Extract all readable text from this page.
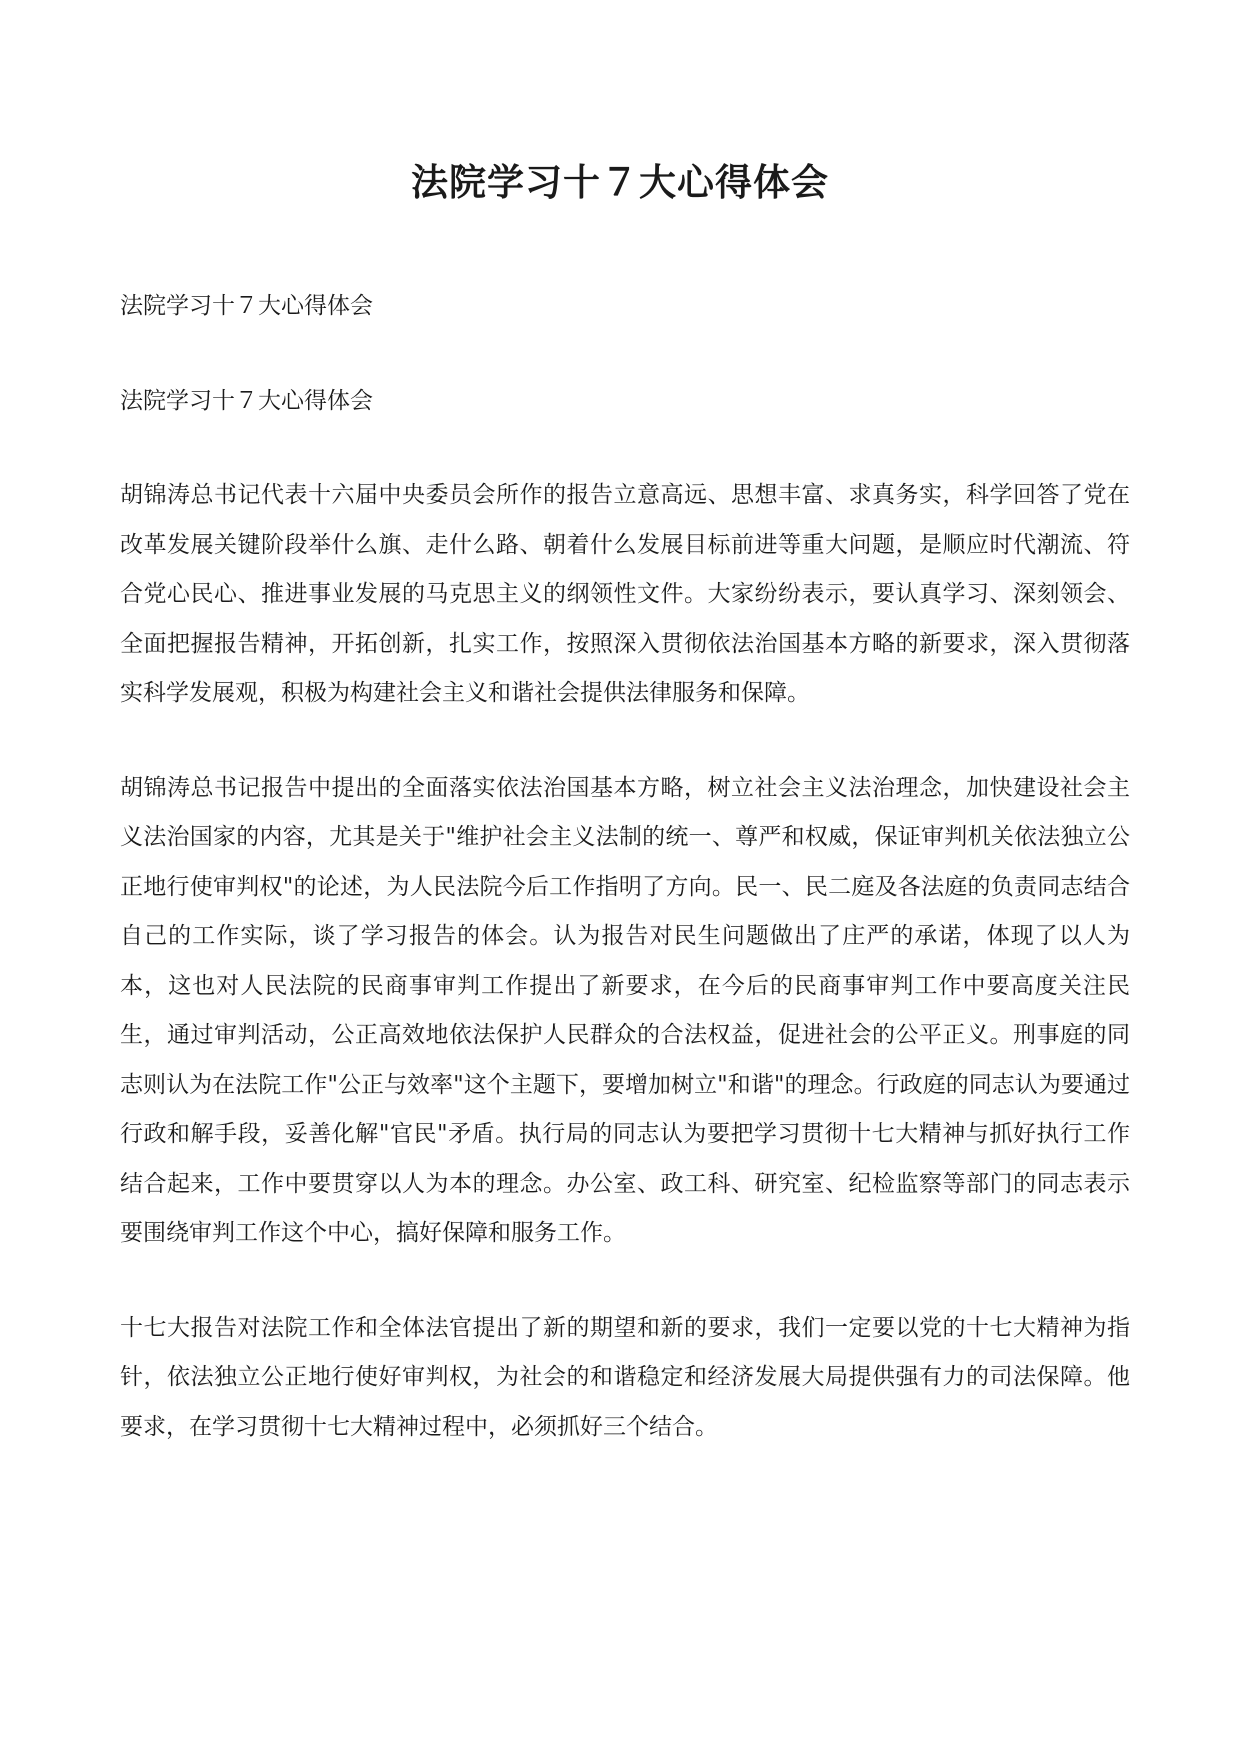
法院学习十７大心得体会

法院学习十７大心得体会

法院学习十７大心得体会

胡锦涛总书记代表十六届中央委员会所作的报告立意高远、思想丰富、求真务实，科学回答了党在改革发展关键阶段举什么旗、走什么路、朝着什么发展目标前进等重大问题，是顺应时代潮流、符合党心民心、推进事业发展的马克思主义的纲领性文件。大家纷纷表示，要认真学习、深刻领会、全面把握报告精神，开拓创新，扎实工作，按照深入贯彻依法治国基本方略的新要求，深入贯彻落实科学发展观，积极为构建社会主义和谐社会提供法律服务和保障。

胡锦涛总书记报告中提出的全面落实依法治国基本方略，树立社会主义法治理念，加快建设社会主义法治国家的内容，尤其是关于"维护社会主义法制的统一、尊严和权威，保证审判机关依法独立公正地行使审判权"的论述，为人民法院今后工作指明了方向。民一、民二庭及各法庭的负责同志结合自己的工作实际，谈了学习报告的体会。认为报告对民生问题做出了庄严的承诺，体现了以人为本，这也对人民法院的民商事审判工作提出了新要求，在今后的民商事审判工作中要高度关注民生，通过审判活动，公正高效地依法保护人民群众的合法权益，促进社会的公平正义。刑事庭的同志则认为在法院工作"公正与效率"这个主题下，要增加树立"和谐"的理念。行政庭的同志认为要通过行政和解手段，妥善化解"官民"矛盾。执行局的同志认为要把学习贯彻十七大精神与抓好执行工作结合起来，工作中要贯穿以人为本的理念。办公室、政工科、研究室、纪检监察等部门的同志表示要围绕审判工作这个中心，搞好保障和服务工作。

十七大报告对法院工作和全体法官提出了新的期望和新的要求，我们一定要以党的十七大精神为指针，依法独立公正地行使好审判权，为社会的和谐稳定和经济发展大局提供强有力的司法保障。他要求，在学习贯彻十七大精神过程中，必须抓好三个结合。
